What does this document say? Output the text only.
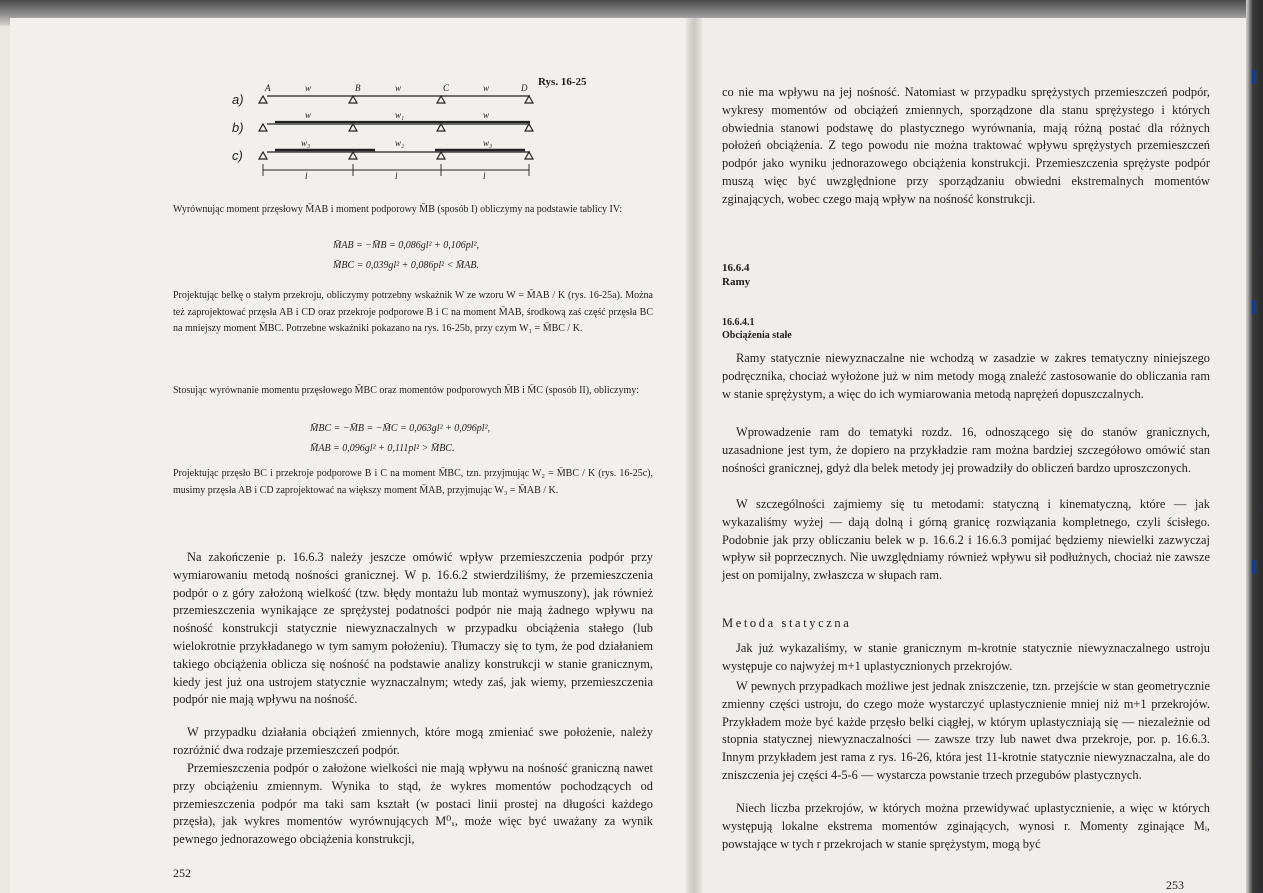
Rys. 16-25
a)
b)
c)
A	B	C	D
w	w	w
w	w₁	w
w₃	w₂	w₃
l	l	l

Wyrównując moment przęsłowy M̄AB i moment podporowy M̄B (sposób I) obliczymy na podstawie tablicy IV:

M̄AB = −M̄B = 0,086gl² + 0,106pl²,
M̄BC = 0,039gl² + 0,086pl² < M̄AB.

Projektując belkę o stałym przekroju, obliczymy potrzebny wskaźnik W ze wzoru W = M̄AB / K (rys. 16-25a). Można też zaprojektować przęsła AB i CD oraz przekroje podporowe B i C na moment M̄AB, środkową zaś część przęsła BC na mniejszy moment M̄BC. Potrzebne wskaźniki pokazano na rys. 16-25b, przy czym W₁ = M̄BC / K.

Stosując wyrównanie momentu przęsłowego M̄BC oraz momentów podporowych M̄B i M̄C (sposób II), obliczymy:

M̄BC = −M̄B = −M̄C = 0,063gl² + 0,096pl²,
M̄AB = 0,096gl² + 0,111pl² > M̄BC.

Projektując przęsło BC i przekroje podporowe B i C na moment M̄BC, tzn. przyjmując W₂ = M̄BC / K (rys. 16-25c), musimy przęsła AB i CD zaprojektować na większy moment M̄AB, przyjmując W₃ = M̄AB / K.

Na zakończenie p. 16.6.3 należy jeszcze omówić wpływ przemieszczenia podpór przy wymiarowaniu metodą nośności granicznej. W p. 16.6.2 stwierdziliśmy, że przemieszczenia podpór o z góry założoną wielkość (tzw. błędy montażu lub montaż wymuszony), jak również przemieszczenia wynikające ze sprężystej podatności podpór nie mają żadnego wpływu na nośność konstrukcji statycznie niewyznaczalnych w przypadku obciążenia stałego (lub wielokrotnie przykładanego w tym samym położeniu). Tłumaczy się to tym, że pod działaniem takiego obciążenia oblicza się nośność na podstawie analizy konstrukcji w stanie granicznym, kiedy jest już ona ustrojem statycznie wyznaczalnym; wtedy zaś, jak wiemy, przemieszczenia podpór nie mają wpływu na nośność.

W przypadku działania obciążeń zmiennych, które mogą zmieniać swe położenie, należy rozróżnić dwa rodzaje przemieszczeń podpór.

Przemieszczenia podpór o założone wielkości nie mają wpływu na nośność graniczną nawet przy obciążeniu zmiennym. Wynika to stąd, że wykres momentów pochodzących od przemieszczenia podpór ma taki sam kształt (w postaci linii prostej na długości każdego przęsła), jak wykres momentów wyrównujących M⁰ₓ, może więc być uważany za wynik pewnego jednorazowego obciążenia konstrukcji,

252

co nie ma wpływu na jej nośność. Natomiast w przypadku sprężystych przemieszczeń podpór, wykresy momentów od obciążeń zmiennych, sporządzone dla stanu sprężystego i których obwiednia stanowi podstawę do plastycznego wyrównania, mają różną postać dla różnych położeń obciążenia. Z tego powodu nie można traktować wpływu sprężystych przemieszczeń podpór jako wyniku jednorazowego obciążenia konstrukcji. Przemieszczenia sprężyste podpór muszą więc być uwzględnione przy sporządzaniu obwiedni ekstremalnych momentów zginających, wobec czego mają wpływ na nośność konstrukcji.

16.6.4
Ramy
16.6.4.1
Obciążenia stałe

Ramy statycznie niewyznaczalne nie wchodzą w zasadzie w zakres tematyczny niniejszego podręcznika, chociaż wyłożone już w nim metody mogą znaleźć zastosowanie do obliczania ram w stanie sprężystym, a więc do ich wymiarowania metodą naprężeń dopuszczalnych.

Wprowadzenie ram do tematyki rozdz. 16, odnoszącego się do stanów granicznych, uzasadnione jest tym, że dopiero na przykładzie ram można bardziej szczegółowo omówić stan nośności granicznej, gdyż dla belek metody jej prowadziły do obliczeń bardzo uproszczonych.

W szczególności zajmiemy się tu metodami: statyczną i kinematyczną, które — jak wykazaliśmy wyżej — dają dolną i górną granicę rozwiązania kompletnego, czyli ścisłego. Podobnie jak przy obliczaniu belek w p. 16.6.2 i 16.6.3 pomijać będziemy niewielki zazwyczaj wpływ sił poprzecznych. Nie uwzględniamy również wpływu sił podłużnych, chociaż nie zawsze jest on pomijalny, zwłaszcza w słupach ram.

Metoda statyczna

Jak już wykazaliśmy, w stanie granicznym m-krotnie statycznie niewyznaczalnego ustroju występuje co najwyżej m+1 uplastycznionych przekrojów.

W pewnych przypadkach możliwe jest jednak zniszczenie, tzn. przejście w stan geometrycznie zmienny części ustroju, do czego może wystarczyć uplastycznienie mniej niż m+1 przekrojów. Przykładem może być każde przęsło belki ciągłej, w którym uplastyczniają się — niezależnie od stopnia statycznej niewyznaczalności — zawsze trzy lub nawet dwa przekroje, por. p. 16.6.3. Innym przykładem jest rama z rys. 16-26, która jest 11-krotnie statycznie niewyznaczalna, ale do zniszczenia jej części 4-5-6 — wystarcza powstanie trzech przegubów plastycznych.

Niech liczba przekrojów, w których można przewidywać uplastycznienie, a więc w których występują lokalne ekstrema momentów zginających, wynosi r. Momenty zginające Mᵢ, powstające w tych r przekrojach w stanie sprężystym, mogą być

253
